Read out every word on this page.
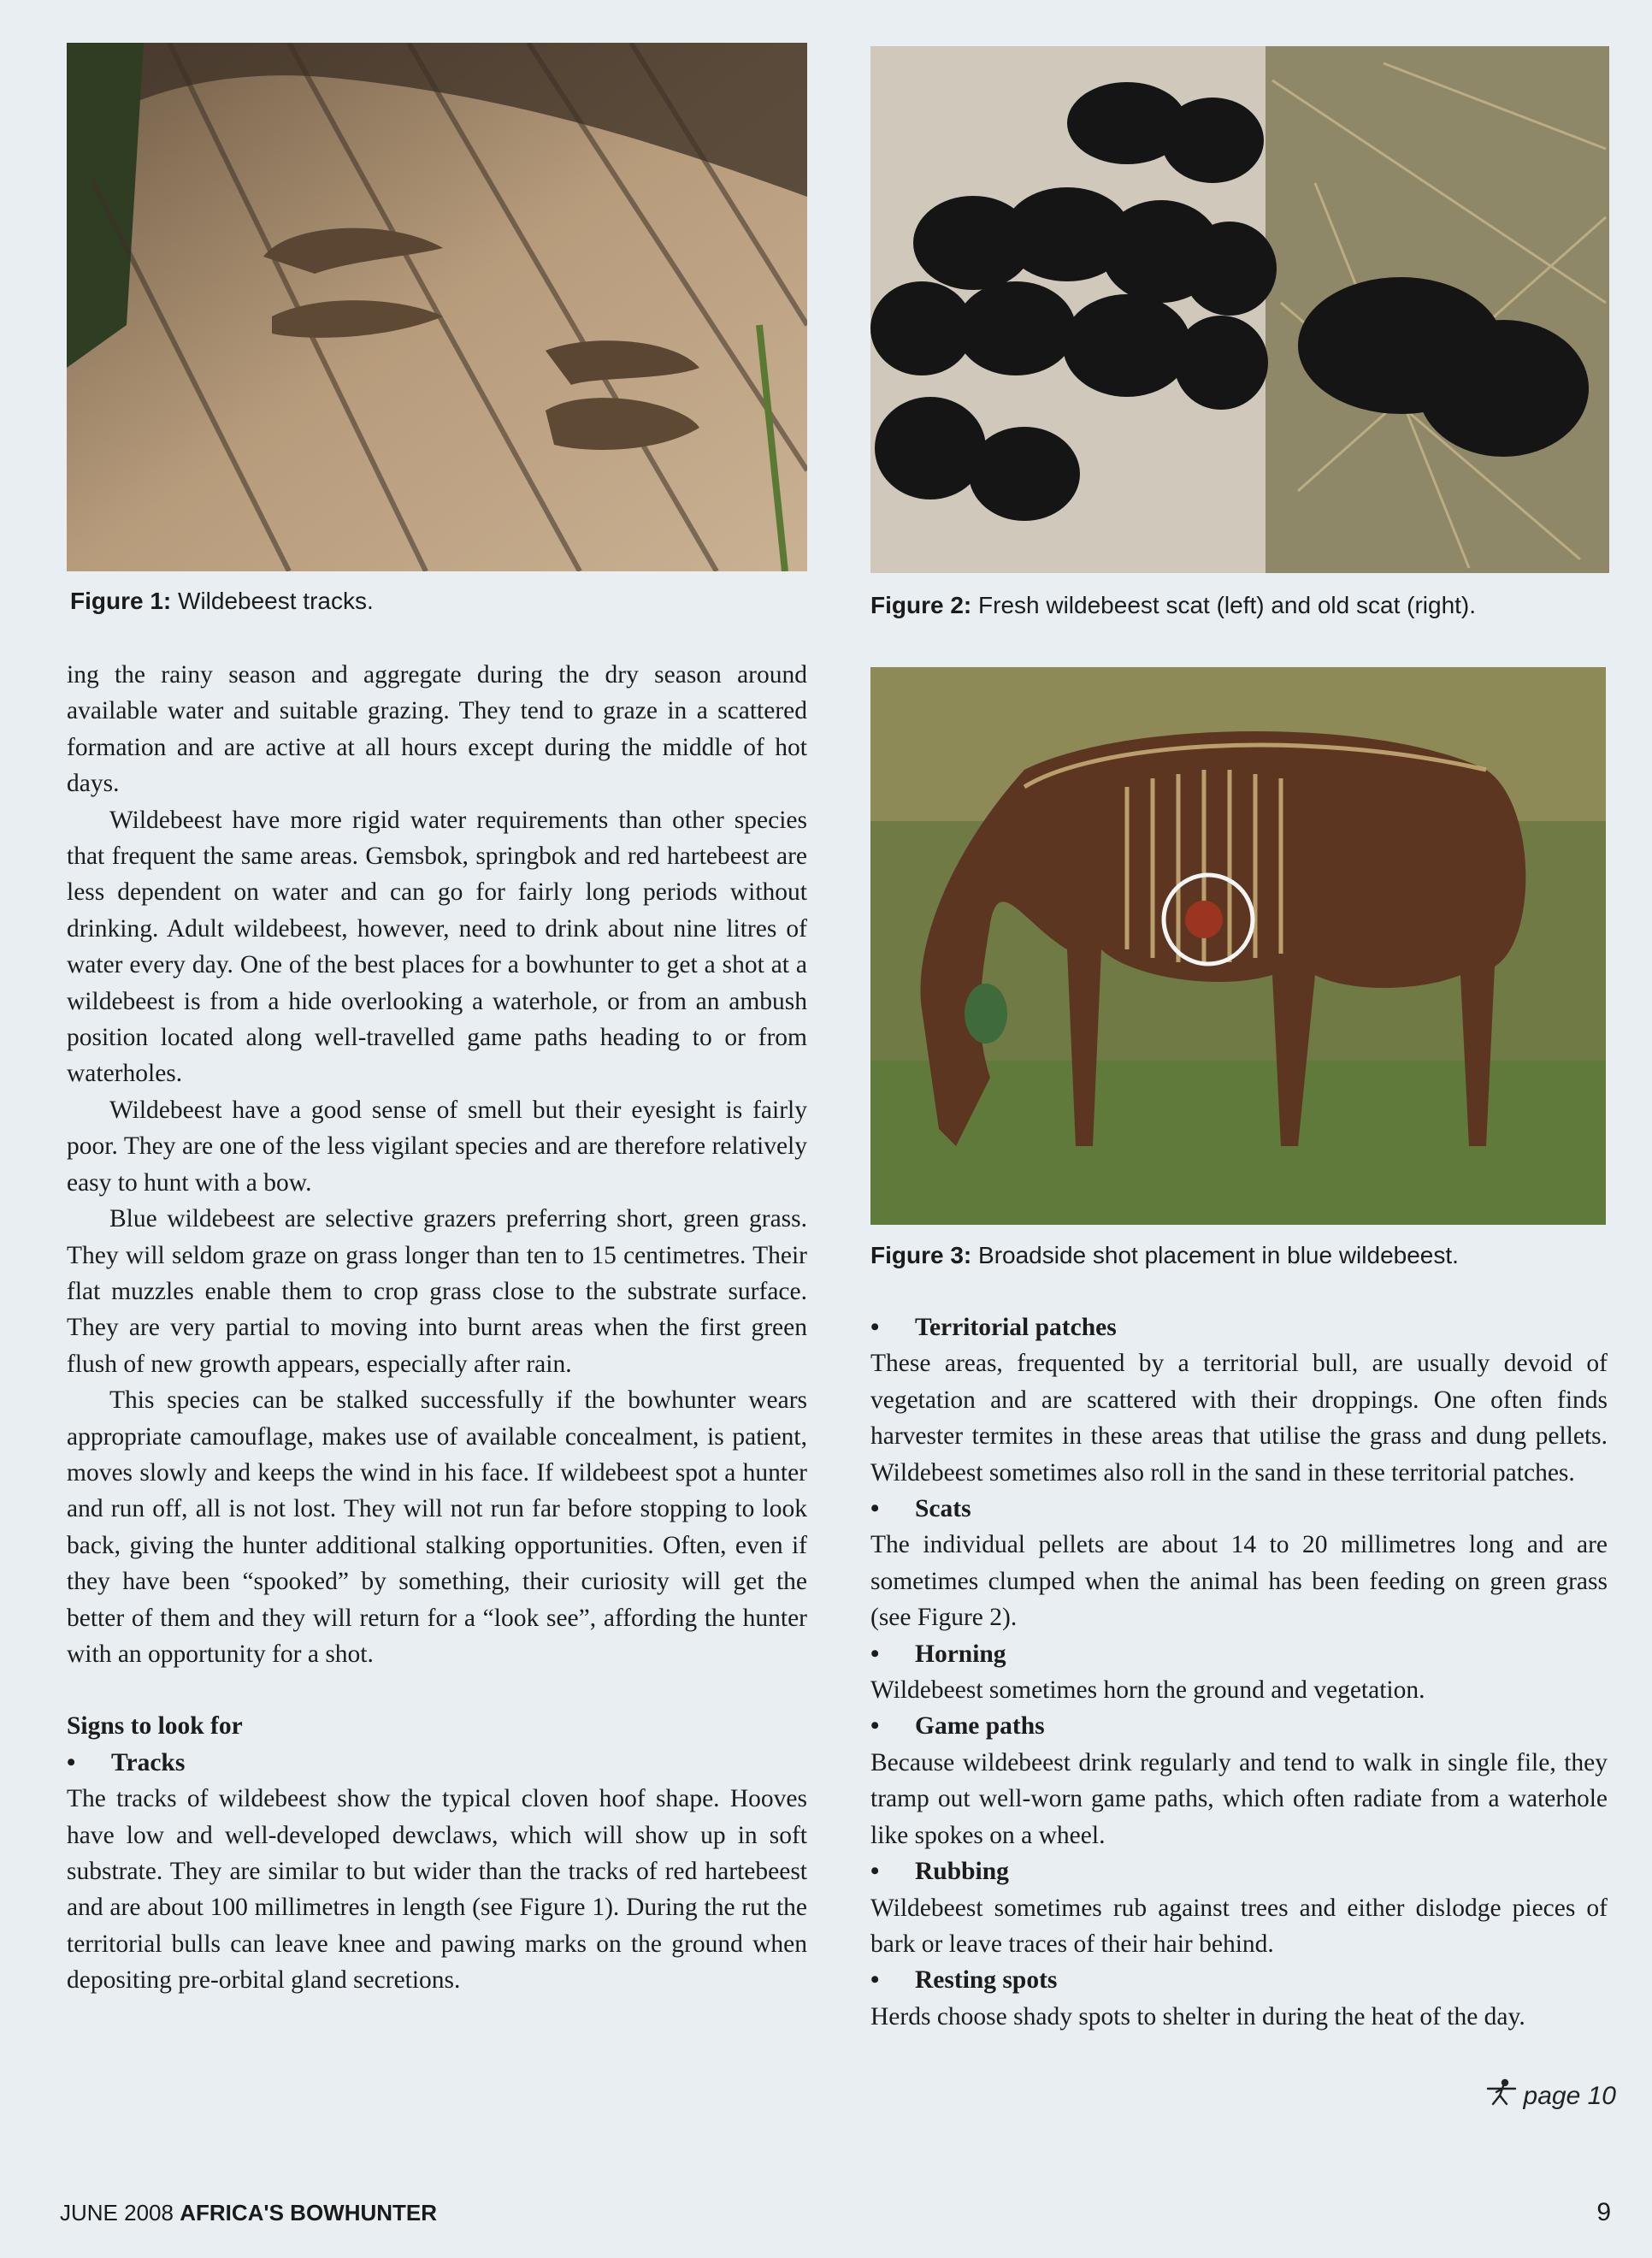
Figure 1: Wildebeest tracks.	Figure 2: Fresh wildebeest scat (left) and old scat (right).
Figure 3: Broadside shot placement in blue wildebeest.

ing the rainy season and aggregate during the dry season around available water and suitable grazing. They tend to graze in a scattered formation and are active at all hours except during the middle of hot days.

Wildebeest have more rigid water requirements than other species that frequent the same areas. Gemsbok, springbok and red hartebeest are less dependent on water and can go for fairly long periods without drinking. Adult wildebeest, however, need to drink about nine litres of water every day. One of the best places for a bowhunter to get a shot at a wildebeest is from a hide overlooking a waterhole, or from an ambush position located along well-travelled game paths heading to or from waterholes.

Wildebeest have a good sense of smell but their eyesight is fairly poor. They are one of the less vigilant species and are therefore relatively easy to hunt with a bow.

Blue wildebeest are selective grazers preferring short, green grass. They will seldom graze on grass longer than ten to 15 centimetres. Their flat muzzles enable them to crop grass close to the substrate surface. They are very partial to moving into burnt areas when the first green flush of new growth appears, especially after rain.

This species can be stalked successfully if the bowhunter wears appropriate camouflage, makes use of available concealment, is patient, moves slowly and keeps the wind in his face. If wildebeest spot a hunter and run off, all is not lost. They will not run far before stopping to look back, giving the hunter additional stalking opportunities. Often, even if they have been “spooked” by something, their curiosity will get the better of them and they will return for a “look see”, affording the hunter with an opportunity for a shot.

Signs to look for
•	Tracks

The tracks of wildebeest show the typical cloven hoof shape. Hooves have low and well-developed dewclaws, which will show up in soft substrate. They are similar to but wider than the tracks of red hartebeest and are about 100 millimetres in length (see Figure 1). During the rut the territorial bulls can leave knee and pawing marks on the ground when depositing pre-orbital gland secretions.

•	Territorial patches

These areas, frequented by a territorial bull, are usually devoid of vegetation and are scattered with their droppings. One often finds harvester termites in these areas that utilise the grass and dung pellets. Wildebeest sometimes also roll in the sand in these territorial patches.

•	Scats

The individual pellets are about 14 to 20 millimetres long and are sometimes clumped when the animal has been feeding on green grass (see Figure 2).

•	Horning

Wildebeest sometimes horn the ground and vegetation.

•	Game paths

Because wildebeest drink regularly and tend to walk in single file, they tramp out well-worn game paths, which often radiate from a waterhole like spokes on a wheel.

•	Rubbing

Wildebeest sometimes rub against trees and either dislodge pieces of bark or leave traces of their hair behind.

•	Resting spots

Herds choose shady spots to shelter in during the heat of the day.

page 10
JUNE 2008 AFRICA'S BOWHUNTER	9
